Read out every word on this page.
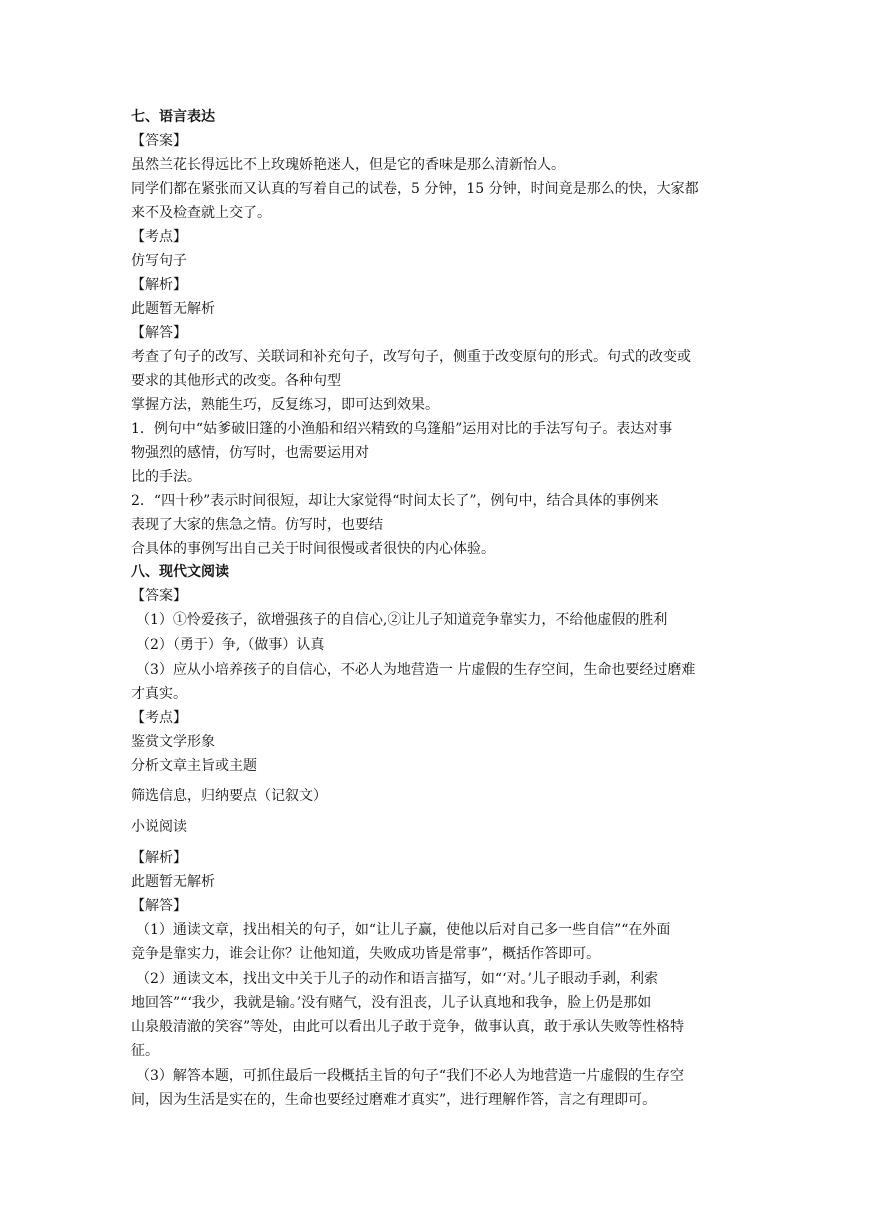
七、语言表达
【答案】
虽然兰花长得远比不上玫瑰娇艳迷人，但是它的香味是那么清新怡人。
同学们都在紧张而又认真的写着自己的试卷，5 分钟，15 分钟，时间竟是那么的快，大家都
来不及检查就上交了。
【考点】
仿写句子
【解析】
此题暂无解析
【解答】
考查了句子的改写、关联词和补充句子，改写句子，侧重于改变原句的形式。句式的改变或
要求的其他形式的改变。各种句型
掌握方法，熟能生巧，反复练习，即可达到效果。
1．例句中“姑爹破旧篷的小渔船和绍兴精致的乌篷船”运用对比的手法写句子。表达对事
物强烈的感情，仿写时，也需要运用对
比的手法。
2．“四十秒”表示时间很短，却让大家觉得“时间太长了”，例句中，结合具体的事例来
表现了大家的焦急之情。仿写时，也要结
合具体的事例写出自己关于时间很慢或者很快的内心体验。
八、现代文阅读
【答案】
（1）①怜爱孩子，欲增强孩子的自信心,②让儿子知道竞争靠实力，不给他虚假的胜利
（2）（勇于）争,（做事）认真
（3）应从小培养孩子的自信心，不必人为地营造一 片虚假的生存空间，生命也要经过磨难
才真实。
【考点】
鉴赏文学形象
分析文章主旨或主题
筛选信息，归纳要点（记叙文）
小说阅读
【解析】
此题暂无解析
【解答】
（1）通读文章，找出相关的句子，如“让儿子赢，使他以后对自己多一些自信”“在外面
竞争是靠实力，谁会让你？让他知道，失败成功皆是常事”，概括作答即可。
（2）通读文本，找出文中关于儿子的动作和语言描写，如“‘对。’儿子眼动手剥，利索
地回答”“‘我少，我就是输。’没有赌气，没有沮丧，儿子认真地和我争，脸上仍是那如
山泉般清澈的笑容”等处，由此可以看出儿子敢于竞争，做事认真，敢于承认失败等性格特
征。
（3）解答本题，可抓住最后一段概括主旨的句子“我们不必人为地营造一片虚假的生存空
间，因为生活是实在的，生命也要经过磨难才真实”，进行理解作答，言之有理即可。
